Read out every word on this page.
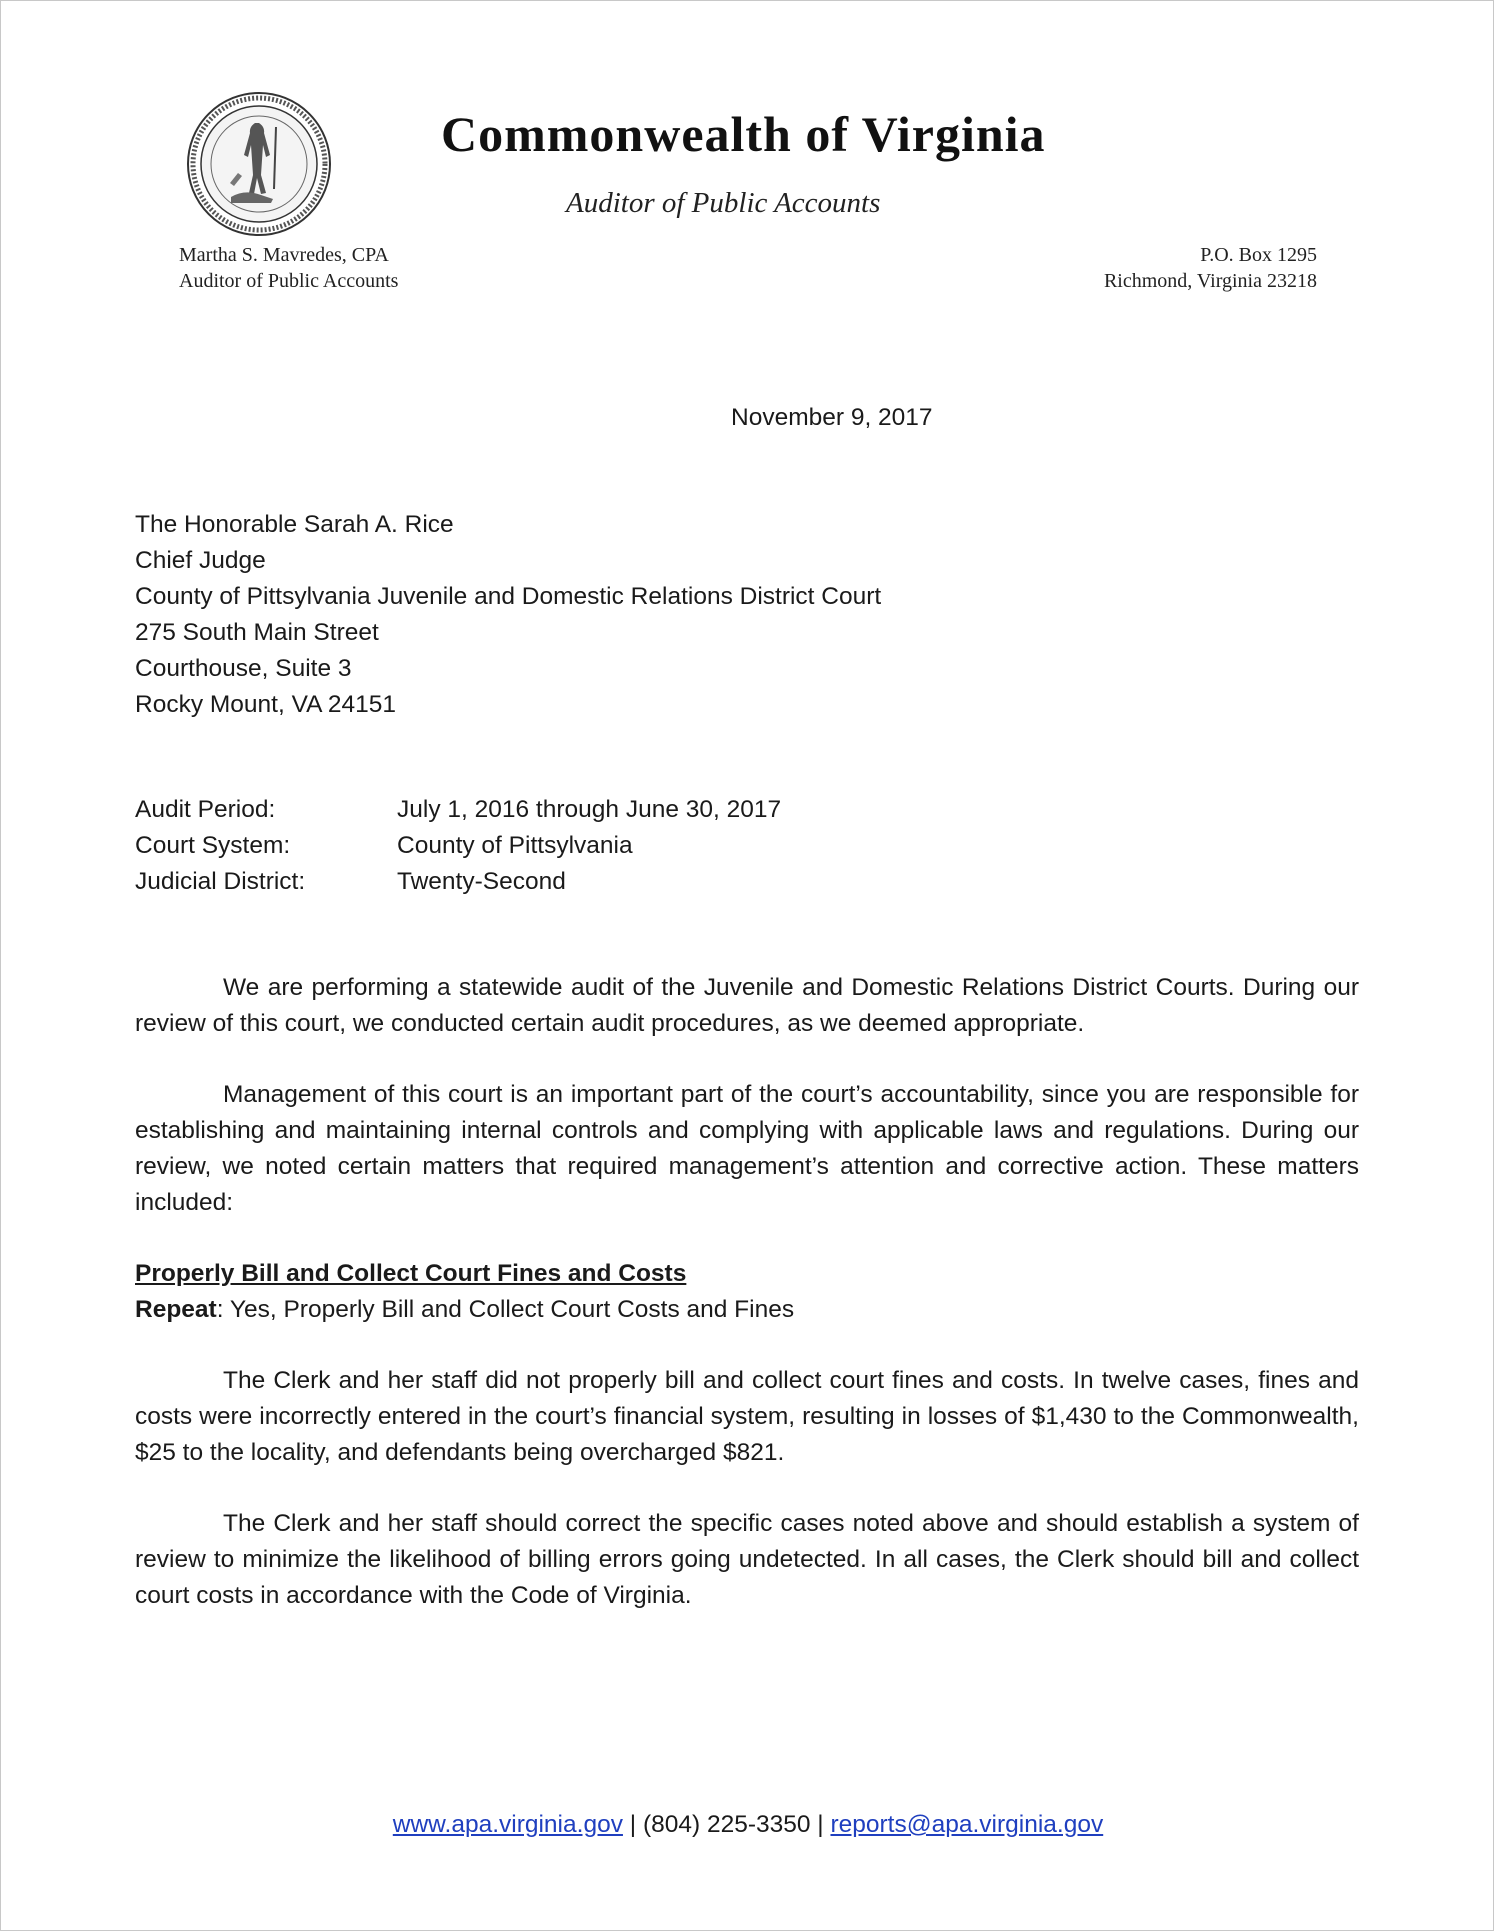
Commonwealth of Virginia
Auditor of Public Accounts
Martha S. Mavredes, CPA
Auditor of Public Accounts
P.O. Box 1295
Richmond, Virginia 23218
November 9, 2017
The Honorable Sarah A. Rice
Chief Judge
County of Pittsylvania Juvenile and Domestic Relations District Court
275 South Main Street
Courthouse, Suite 3
Rocky Mount, VA 24151
Audit Period:	July 1, 2016 through June 30, 2017
Court System:	County of Pittsylvania
Judicial District:	Twenty-Second
We are performing a statewide audit of the Juvenile and Domestic Relations District Courts. During our review of this court, we conducted certain audit procedures, as we deemed appropriate.
Management of this court is an important part of the court’s accountability, since you are responsible for establishing and maintaining internal controls and complying with applicable laws and regulations. During our review, we noted certain matters that required management’s attention and corrective action. These matters included:
Properly Bill and Collect Court Fines and Costs
Repeat: Yes, Properly Bill and Collect Court Costs and Fines
The Clerk and her staff did not properly bill and collect court fines and costs. In twelve cases, fines and costs were incorrectly entered in the court’s financial system, resulting in losses of $1,430 to the Commonwealth, $25 to the locality, and defendants being overcharged $821.
The Clerk and her staff should correct the specific cases noted above and should establish a system of review to minimize the likelihood of billing errors going undetected. In all cases, the Clerk should bill and collect court costs in accordance with the Code of Virginia.
www.apa.virginia.gov | (804) 225-3350 | reports@apa.virginia.gov
